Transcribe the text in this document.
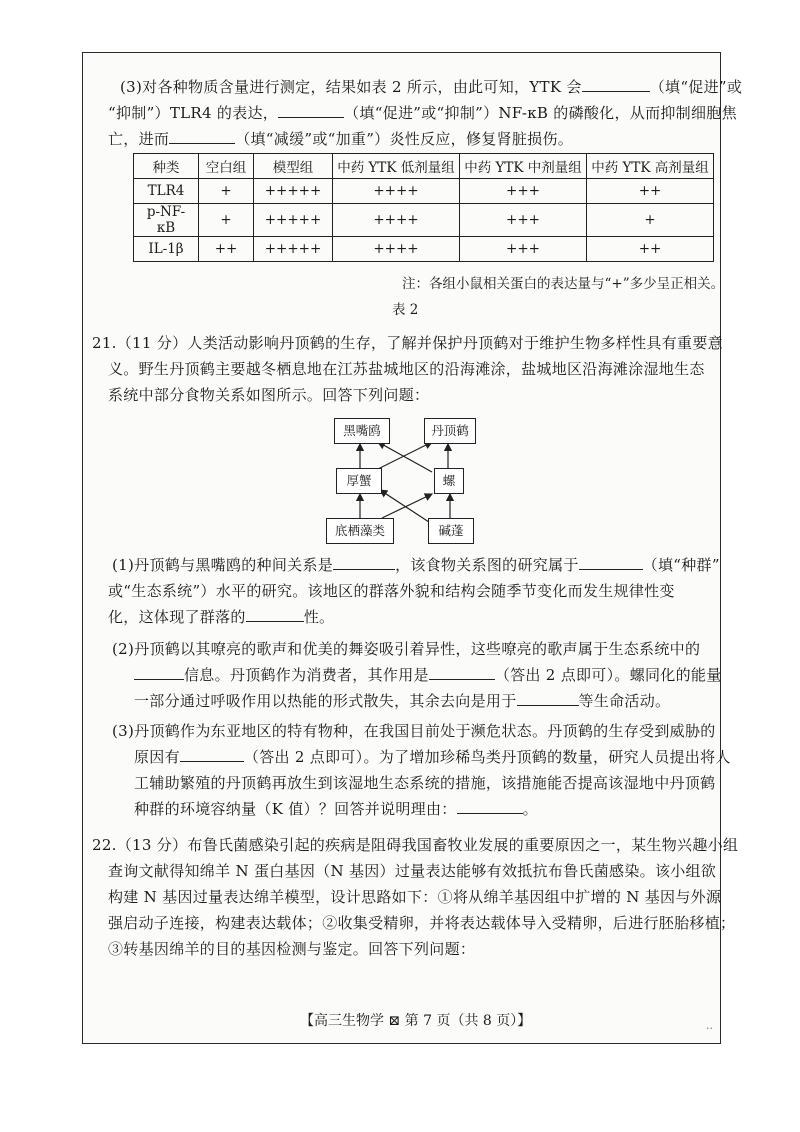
(3)对各种物质含量进行测定，结果如表 2 所示，由此可知，YTK 会	（填“促进”或
“抑制”）TLR4 的表达，	（填“促进”或“抑制”）NF-κB 的磷酸化，从而抑制细胞焦
亡，进而	（填“减缓”或“加重”）炎性反应，修复肾脏损伤。
种类	空白组	模型组	中药 YTK 低剂量组	中药 YTK 中剂量组	中药 YTK 高剂量组
TLR4	+	+++++	++++	+++	++
p-NF-κB	+	+++++	++++	+++	+
IL-1β	++	+++++	++++	+++	++
注：各组小鼠相关蛋白的表达量与“+”多少呈正相关。
表 2
21.（11 分）人类活动影响丹顶鹤的生存，了解并保护丹顶鹤对于维护生物多样性具有重要意
义。野生丹顶鹤主要越冬栖息地在江苏盐城地区的沿海滩涂，盐城地区沿海滩涂湿地生态
系统中部分食物关系如图所示。回答下列问题：
黑嘴鸥	丹顶鹤
厚蟹	螺
底栖藻类	碱蓬
(1)丹顶鹤与黑嘴鸥的种间关系是	，该食物关系图的研究属于	（填“种群”
或“生态系统”）水平的研究。该地区的群落外貌和结构会随季节变化而发生规律性变
化，这体现了群落的	性。
(2)丹顶鹤以其嘹亮的歌声和优美的舞姿吸引着异性，这些嘹亮的歌声属于生态系统中的
信息。丹顶鹤作为消费者，其作用是	（答出 2 点即可）。螺同化的能量
一部分通过呼吸作用以热能的形式散失，其余去向是用于	等生命活动。
(3)丹顶鹤作为东亚地区的特有物种，在我国目前处于濒危状态。丹顶鹤的生存受到威胁的
原因有	（答出 2 点即可）。为了增加珍稀鸟类丹顶鹤的数量，研究人员提出将人
工辅助繁殖的丹顶鹤再放生到该湿地生态系统的措施，该措施能否提高该湿地中丹顶鹤
种群的环境容纳量（K 值）？回答并说明理由：	。
22.（13 分）布鲁氏菌感染引起的疾病是阻碍我国畜牧业发展的重要原因之一，某生物兴趣小组
查询文献得知绵羊 N 蛋白基因（N 基因）过量表达能够有效抵抗布鲁氏菌感染。该小组欲
构建 N 基因过量表达绵羊模型，设计思路如下：①将从绵羊基因组中扩增的 N 基因与外源
强启动子连接，构建表达载体；②收集受精卵，并将表达载体导入受精卵，后进行胚胎移植；
③转基因绵羊的目的基因检测与鉴定。回答下列问题：
【高三生物学 ⊠ 第 7 页（共 8 页）】	··
